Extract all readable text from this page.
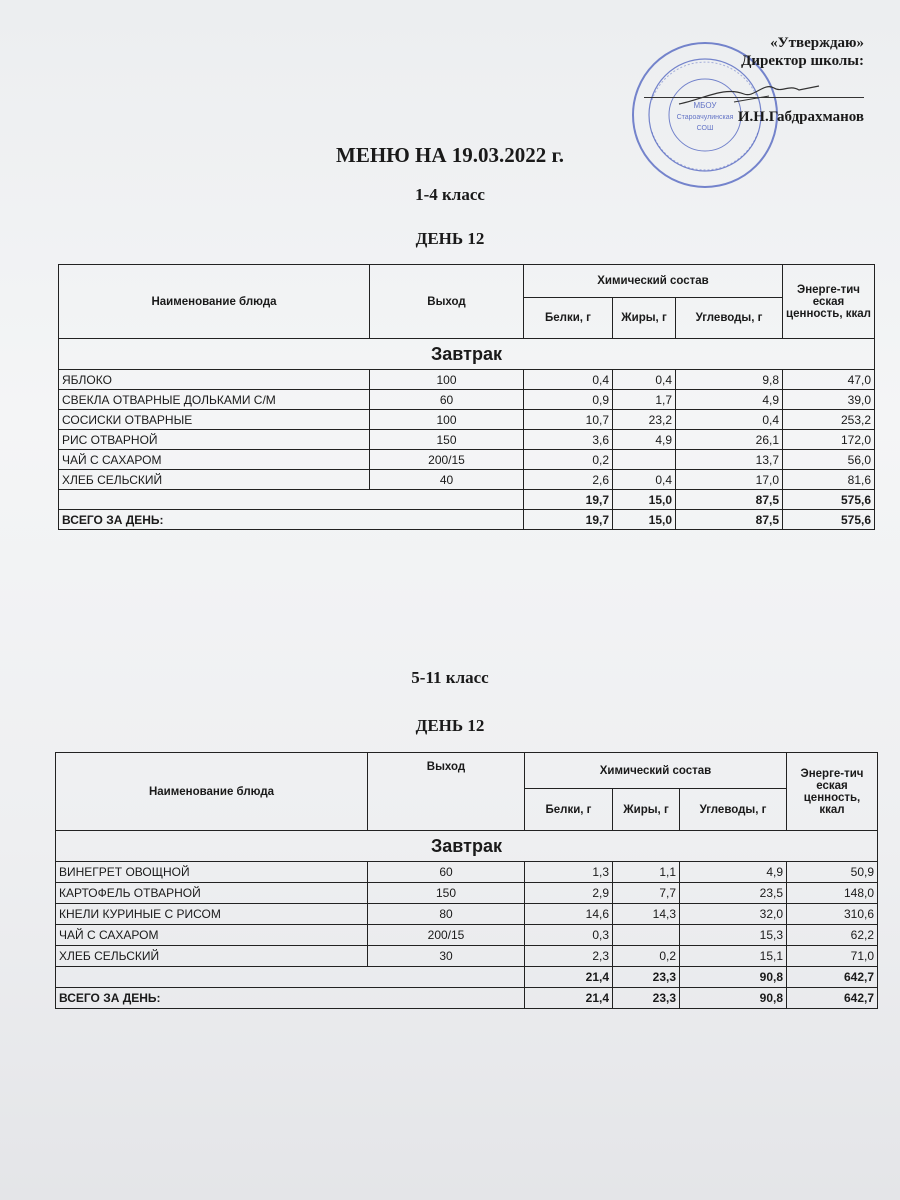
МБОУ
Староачулинская
СОШ
«Утверждаю»
Директор школы:
И.Н.Габдрахманов
МЕНЮ НА 19.03.2022 г.
1-4 класс
ДЕНЬ 12
Наименование блюда	Выход	Химический состав			Энерге-тич еская ценность, ккал
		Белки, г	Жиры, г	Углеводы, г	
Завтрак					
ЯБЛОКО	100	0,4	0,4	9,8	47,0
СВЕКЛА ОТВАРНЫЕ ДОЛЬКАМИ С/М	60	0,9	1,7	4,9	39,0
СОСИСКИ ОТВАРНЫЕ	100	10,7	23,2	0,4	253,2
РИС ОТВАРНОЙ	150	3,6	4,9	26,1	172,0
ЧАЙ С САХАРОМ	200/15	0,2		13,7	56,0
ХЛЕБ СЕЛЬСКИЙ	40	2,6	0,4	17,0	81,6
		19,7	15,0	87,5	575,6
ВСЕГО ЗА ДЕНЬ:		19,7	15,0	87,5	575,6
5-11 класс
ДЕНЬ 12
Наименование блюда	Выход	Химический состав			Энерге-тич еская ценность, ккал
		Белки, г	Жиры, г	Углеводы, г	
Завтрак					
ВИНЕГРЕТ ОВОЩНОЙ	60	1,3	1,1	4,9	50,9
КАРТОФЕЛЬ ОТВАРНОЙ	150	2,9	7,7	23,5	148,0
КНЕЛИ КУРИНЫЕ С РИСОМ	80	14,6	14,3	32,0	310,6
ЧАЙ С САХАРОМ	200/15	0,3		15,3	62,2
ХЛЕБ СЕЛЬСКИЙ	30	2,3	0,2	15,1	71,0
		21,4	23,3	90,8	642,7
ВСЕГО ЗА ДЕНЬ:		21,4	23,3	90,8	642,7
